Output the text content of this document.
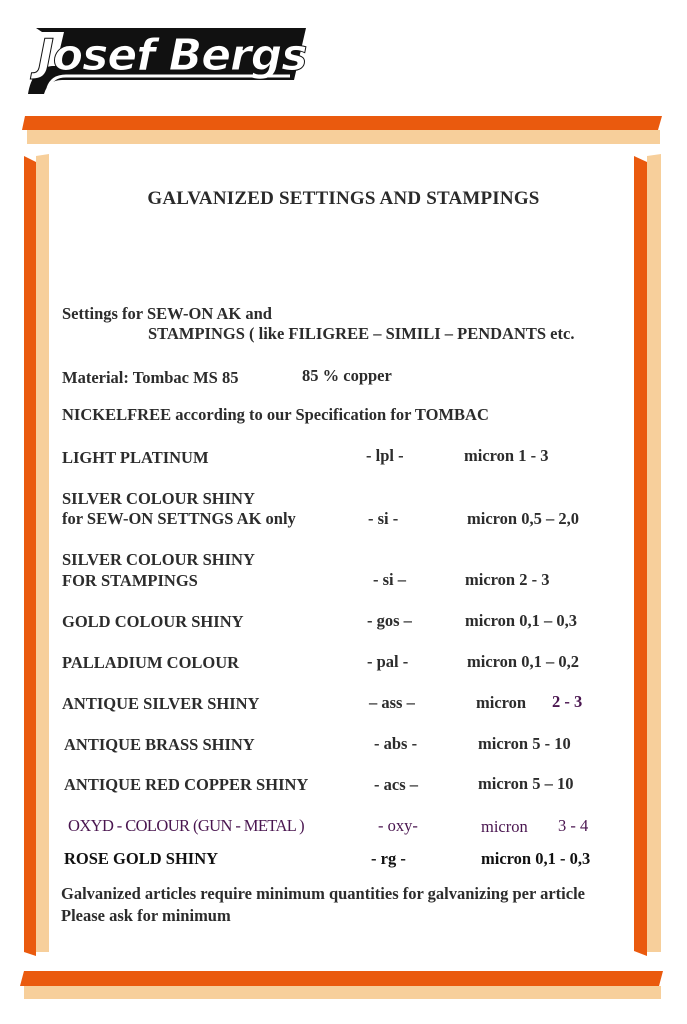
Josef Bergs
GALVANIZED SETTINGS AND STAMPINGS
Settings for SEW-ON AK and
STAMPINGS ( like FILIGREE – SIMILI – PENDANTS etc.
Material: Tombac MS 85	85 % copper
NICKELFREE according to our Specification for TOMBAC
LIGHT PLATINUM	- lpl -	micron 1 - 3
SILVER COLOUR SHINY
for SEW-ON SETTNGS AK only	- si -	micron 0,5 – 2,0
SILVER COLOUR SHINY
FOR STAMPINGS	- si –	micron 2 - 3
GOLD COLOUR SHINY	- gos –	micron 0,1 – 0,3
PALLADIUM COLOUR	- pal -	micron 0,1 – 0,2
ANTIQUE SILVER SHINY	– ass –	micron 2 - 3
ANTIQUE BRASS SHINY	- abs -	micron 5 - 10
ANTIQUE RED COPPER SHINY	- acs –	micron 5 – 10
OXYD - COLOUR (GUN - METAL )	- oxy-	micron 3 - 4
ROSE GOLD SHINY	- rg -	micron 0,1 - 0,3
Galvanized articles require minimum quantities for galvanizing per article
Please ask for minimum
